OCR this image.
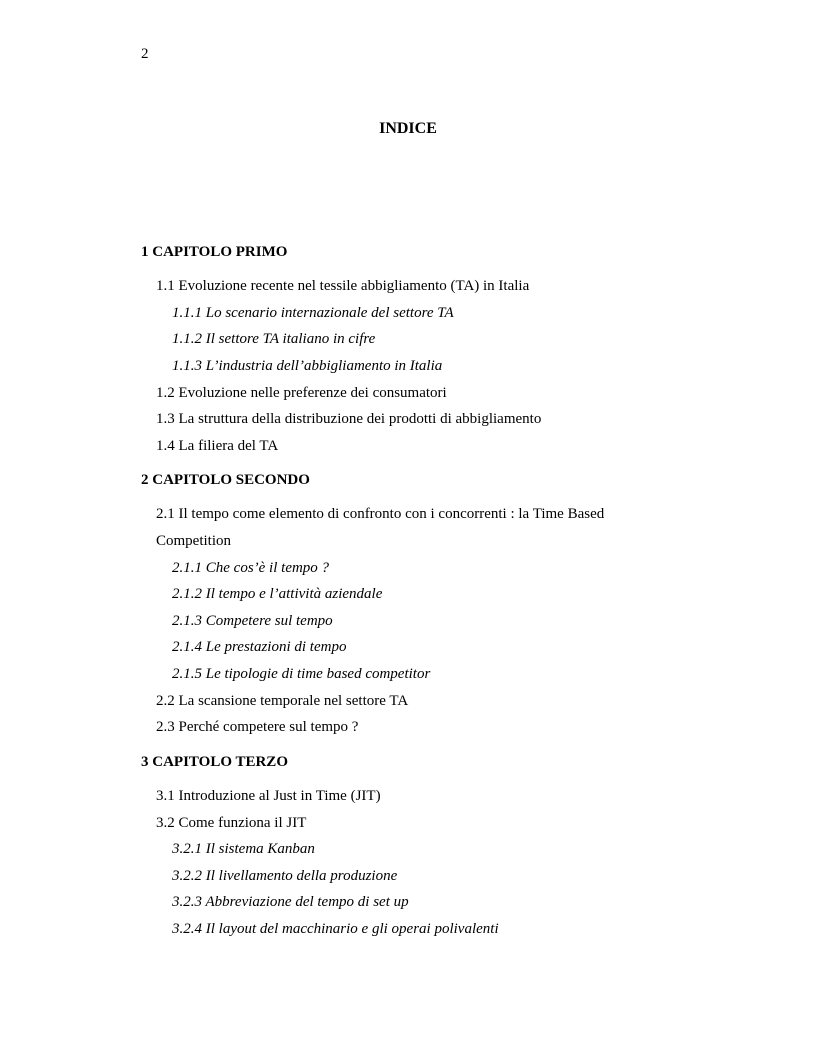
2
INDICE
1 CAPITOLO PRIMO
1.1 Evoluzione recente nel tessile abbigliamento (TA) in Italia
1.1.1 Lo scenario internazionale del settore TA
1.1.2 Il settore TA italiano in cifre
1.1.3 L’industria dell’abbigliamento in Italia
1.2 Evoluzione nelle preferenze dei consumatori
1.3 La struttura della distribuzione dei prodotti di abbigliamento
1.4 La filiera del TA
2 CAPITOLO SECONDO
2.1 Il tempo come elemento di confronto con i concorrenti : la Time Based
Competition
2.1.1 Che cos’è il tempo ?
2.1.2 Il tempo e l’attività aziendale
2.1.3 Competere sul tempo
2.1.4 Le prestazioni di tempo
2.1.5 Le tipologie di time based competitor
2.2 La scansione temporale nel settore TA
2.3 Perché competere sul tempo ?
3 CAPITOLO TERZO
3.1 Introduzione al Just in Time (JIT)
3.2 Come funziona il JIT
3.2.1 Il sistema Kanban
3.2.2 Il livellamento della produzione
3.2.3 Abbreviazione del tempo di set up
3.2.4 Il layout del macchinario e gli operai polivalenti
